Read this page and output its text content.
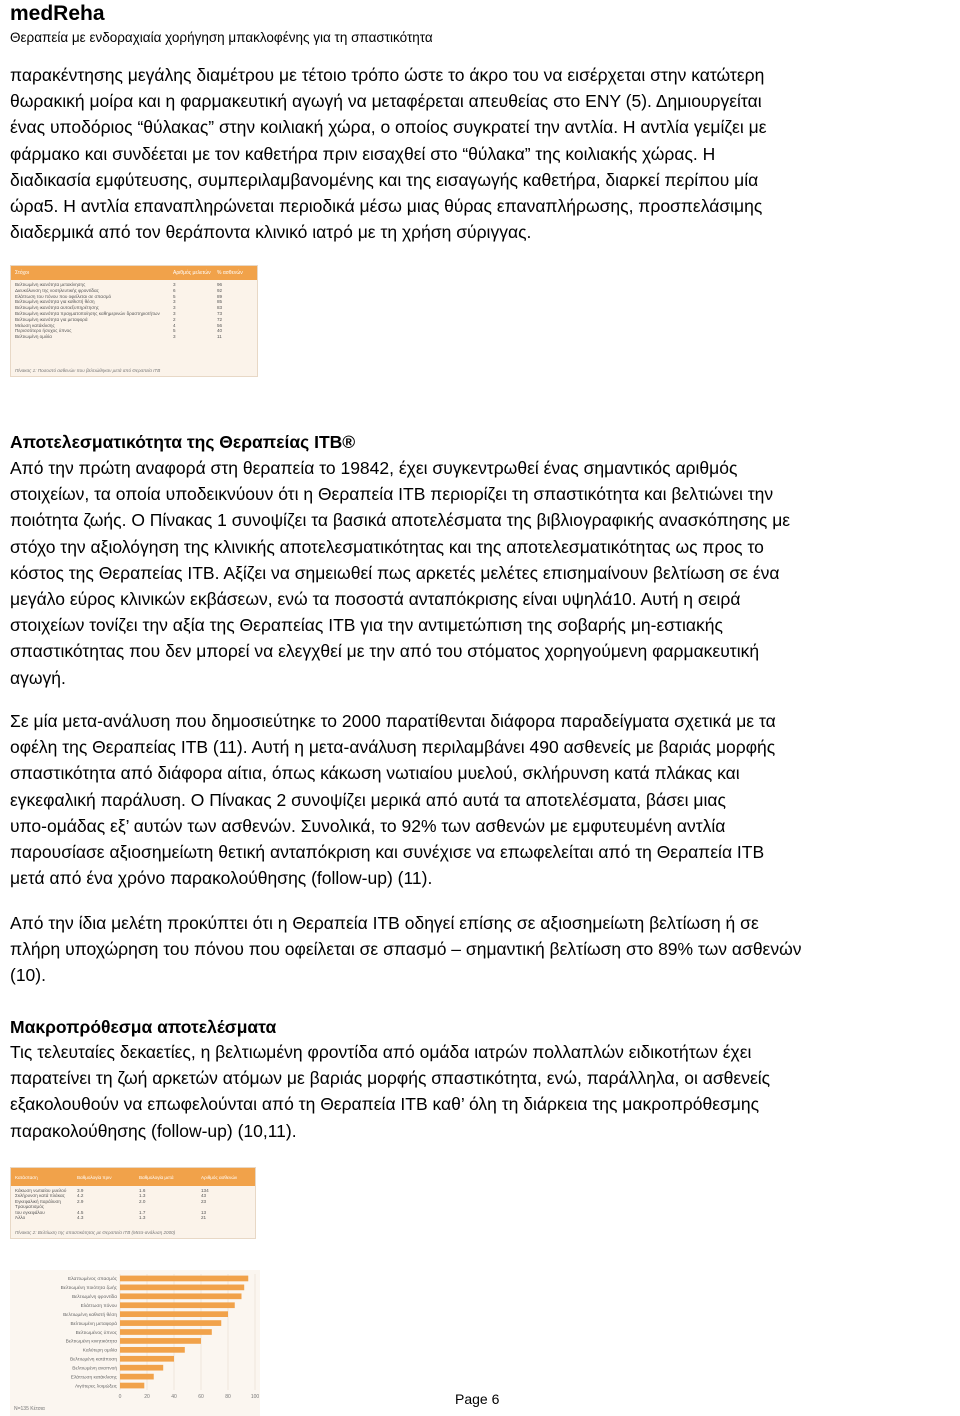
medReha
Θεραπεία με ενδοραχιαία χορήγηση μπακλοφένης για τη σπαστικότητα

παρακέντησης μεγάλης διαμέτρου με τέτοιο τρόπο ώστε το άκρο του να εισέρχεται στην κατώτερη
θωρακική μοίρα και η φαρμακευτική αγωγή να μεταφέρεται απευθείας στο ΕΝΥ (5). Δημιουργείται
ένας υποδόριος “θύλακας” στην κοιλιακή χώρα, ο οποίος συγκρατεί την αντλία. Η αντλία γεμίζει με
φάρμακο και συνδέεται με τον καθετήρα πριν εισαχθεί στο “θύλακα” της κοιλιακής χώρας. Η
διαδικασία εμφύτευσης, συμπεριλαμβανομένης και της εισαγωγής καθετήρα, διαρκεί περίπου μία
ώρα5. Η αντλία επαναπληρώνεται περιοδικά μέσω μιας θύρας επαναπλήρωσης, προσπελάσιμης
διαδερμικά από τον θεράποντα κλινικό ιατρό με τη χρήση σύριγγας.

Στόχοι	Αριθμός μελετών	% ασθενών
Βελτιωμένη ικανότητα μετακίνησης	3	96
Διευκόλυνση της νοσηλευτικής φροντίδας	6	92
Ελάττωση του πόνου που οφείλεται σε σπασμό	5	89
Βελτιωμένη ικανότητα για καθιστή θέση	3	85
Βελτιωμένη ικανότητα αυτοεξυπηρέτησης	3	83
Βελτιωμένη ικανότητα πραγματοποίησης καθημερινών δραστηριοτήτων	3	73
Βελτιωμένη ικανότητα για μεταφορά	2	72
Μείωση κατάκλισης	4	56
Περισσότερο ήσυχος ύπνος	5	40
Βελτιωμένη ομιλία	3	11
Πίνακας 1: Ποσοστό ασθενών που βελτιώθηκαν μετά από Θεραπεία ΙΤΒ
Αποτελεσματικότητα της Θεραπείας ΙΤΒ®

Από την πρώτη αναφορά στη θεραπεία το 19842, έχει συγκεντρωθεί ένας σημαντικός αριθμός
στοιχείων, τα οποία υποδεικνύουν ότι η Θεραπεία ΙΤΒ περιορίζει τη σπαστικότητα και βελτιώνει την
ποιότητα ζωής. Ο Πίνακας 1 συνοψίζει τα βασικά αποτελέσματα της βιβλιογραφικής ανασκόπησης με
στόχο την αξιολόγηση της κλινικής αποτελεσματικότητας και της αποτελεσματικότητας ως προς το
κόστος της Θεραπείας ΙΤΒ. Αξίζει να σημειωθεί πως αρκετές μελέτες επισημαίνουν βελτίωση σε ένα
μεγάλο εύρος κλινικών εκβάσεων, ενώ τα ποσοστά ανταπόκρισης είναι υψηλά10. Αυτή η σειρά
στοιχείων τονίζει την αξία της Θεραπείας ΙΤΒ για την αντιμετώπιση της σοβαρής μη-εστιακής
σπαστικότητας που δεν μπορεί να ελεγχθεί με την από του στόματος χορηγούμενη φαρμακευτική
αγωγή.

Σε μία μετα-ανάλυση που δημοσιεύτηκε το 2000 παρατίθενται διάφορα παραδείγματα σχετικά με τα
οφέλη της Θεραπείας ΙΤΒ (11). Αυτή η μετα-ανάλυση περιλαμβάνει 490 ασθενείς με βαριάς μορφής
σπαστικότητα από διάφορα αίτια, όπως κάκωση νωτιαίου μυελού, σκλήρυνση κατά πλάκας και
εγκεφαλική παράλυση. Ο Πίνακας 2 συνοψίζει μερικά από αυτά τα αποτελέσματα, βάσει μιας
υπο-ομάδας εξ’ αυτών των ασθενών. Συνολικά, το 92% των ασθενών με εμφυτευμένη αντλία
παρουσίασε αξιοσημείωτη θετική ανταπόκριση και συνέχισε να επωφελείται από τη Θεραπεία ΙΤΒ
μετά από ένα χρόνο παρακολούθησης (follow-up) (11).

Από την ίδια μελέτη προκύπτει ότι η Θεραπεία ΙΤΒ οδηγεί επίσης σε αξιοσημείωτη βελτίωση ή σε
πλήρη υποχώρηση του πόνου που οφείλεται σε σπασμό – σημαντική βελτίωση στο 89% των ασθενών
(10).

Μακροπρόθεσμα αποτελέσματα

Τις τελευταίες δεκαετίες, η βελτιωμένη φροντίδα από ομάδα ιατρών πολλαπλών ειδικοτήτων έχει
παρατείνει τη ζωή αρκετών ατόμων με βαριάς μορφής σπαστικότητα, ενώ, παράλληλα, οι ασθενείς
εξακολουθούν να επωφελούνται από τη Θεραπεία ΙΤΒ καθ’ όλη τη διάρκεια της μακροπρόθεσμης
παρακολούθησης (follow-up) (10,11).

Κατάσταση	Βαθμολογία πριν	Βαθμολογία μετά	Αριθμός ασθενών
Κάκωση νωτιαίου μυελού	3.9	1.6	134
Σκλήρυνση κατά πλάκας	4.2	1.3	43
Εγκεφαλική παράλυση	2.9	2.0	23
Τραυματισμός
του εγκεφάλου	4.5	1.7	13
Άλλο	4.3	1.3	21
Πίνακας 2: Βελτίωση της σπαστικότητας με Θεραπεία ΙΤΒ (Μετα-ανάλυση 2000)
0	20	40	60	80	100
Ελαττωμένος σπασμός
Βελτιωμένη ποιότητα ζωής
Βελτιωμένη φροντίδα
Ελάττωση πόνου
Βελτιωμένη καθιστή θέση
Βελτιωμένη μεταφορά
Βελτιωμένος ύπνος
Βελτιωμένη κινητικότητα
Καλύτερη ομιλία
Βελτιωμένη κατάποση
Βελτιωμένη αναπνοή
Ελάττωση κατάκλισης
Λιγότερες λοιμώξεις
N=135 Κέτσια
Page 6
